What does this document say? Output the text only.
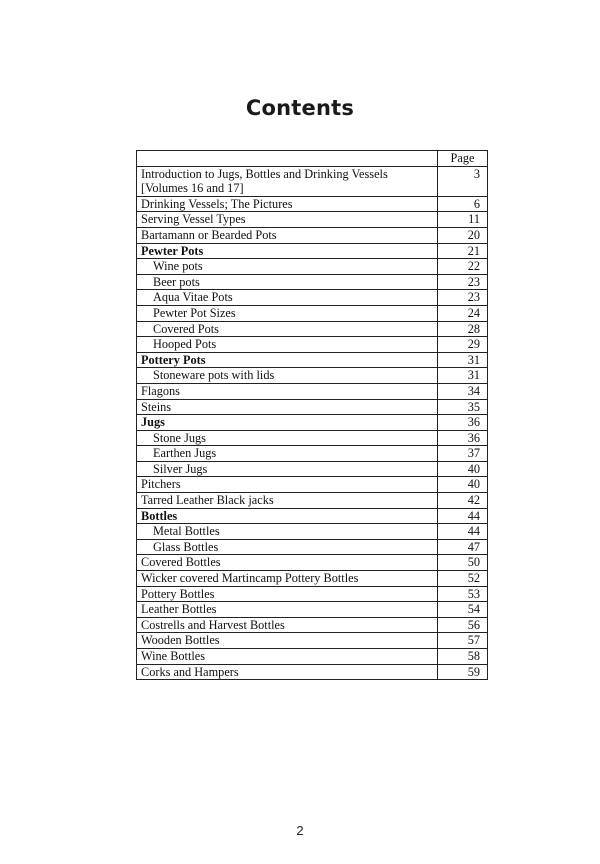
Contents
	Page
Introduction to Jugs, Bottles and Drinking Vessels [Volumes 16 and 17]	3
Drinking Vessels; The Pictures	6
Serving Vessel Types	11
Bartamann or Bearded Pots	20
Pewter Pots	21
Wine pots	22
Beer pots	23
Aqua Vitae Pots	23
Pewter Pot Sizes	24
Covered Pots	28
Hooped Pots	29
Pottery Pots	31
Stoneware pots with lids	31
Flagons	34
Steins	35
Jugs	36
Stone Jugs	36
Earthen Jugs	37
Silver Jugs	40
Pitchers	40
Tarred Leather Black jacks	42
Bottles	44
Metal Bottles	44
Glass Bottles	47
Covered Bottles	50
Wicker covered Martincamp Pottery Bottles	52
Pottery Bottles	53
Leather Bottles	54
Costrells and Harvest Bottles	56
Wooden Bottles	57
Wine Bottles	58
Corks and Hampers	59
2
